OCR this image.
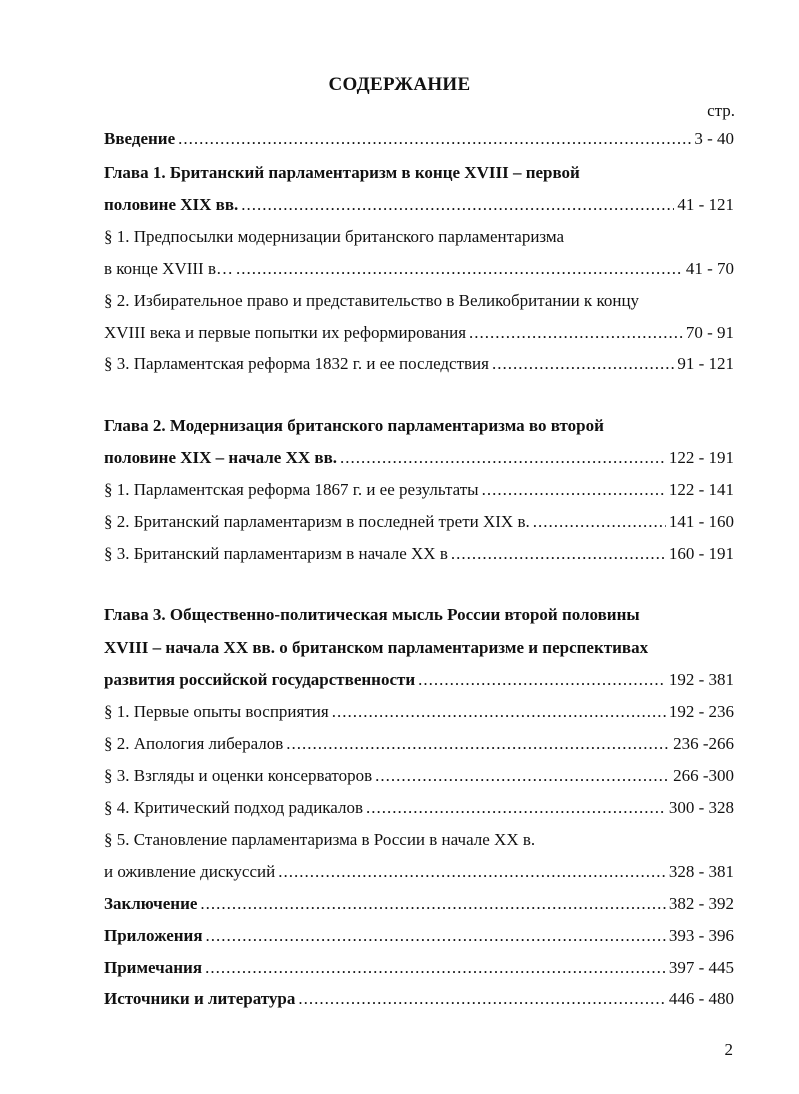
СОДЕРЖАНИЕ
стр.
Введение .....	3 - 40
Глава 1. Британский парламентаризм в конце XVIII – первой
половине XIX вв. .....	41 - 121
§ 1. Предпосылки модернизации британского парламентаризма
в конце XVIII в… .....	41 - 70
§ 2. Избирательное право и представительство в Великобритании к концу
XVIII века и первые попытки их реформирования .....	70 - 91
§ 3. Парламентская реформа 1832 г. и ее последствия .....	91 - 121
Глава 2. Модернизация британского парламентаризма во второй
половине XIX – начале XX вв. .....	122 - 191
§ 1. Парламентская реформа 1867 г. и ее результаты .....	122 - 141
§ 2. Британский парламентаризм в последней трети XIX в. .....	141 - 160
§ 3. Британский парламентаризм в начале XX в .....	160 - 191
Глава 3. Общественно-политическая мысль России второй половины
XVIII – начала XX вв. о британском парламентаризме и перспективах
развития российской государственности .....	192 - 381
§ 1. Первые опыты восприятия .....	192 - 236
§ 2. Апология либералов .....	236 -266
§ 3. Взгляды и оценки консерваторов .....	266 -300
§ 4. Критический подход радикалов .....	300 - 328
§ 5. Становление парламентаризма в России в начале XX в.
и оживление дискуссий .....	328 - 381
Заключение .....	382 - 392
Приложения .....	393 - 396
Примечания .....	397 - 445
Источники и литература .....	446 - 480
2
